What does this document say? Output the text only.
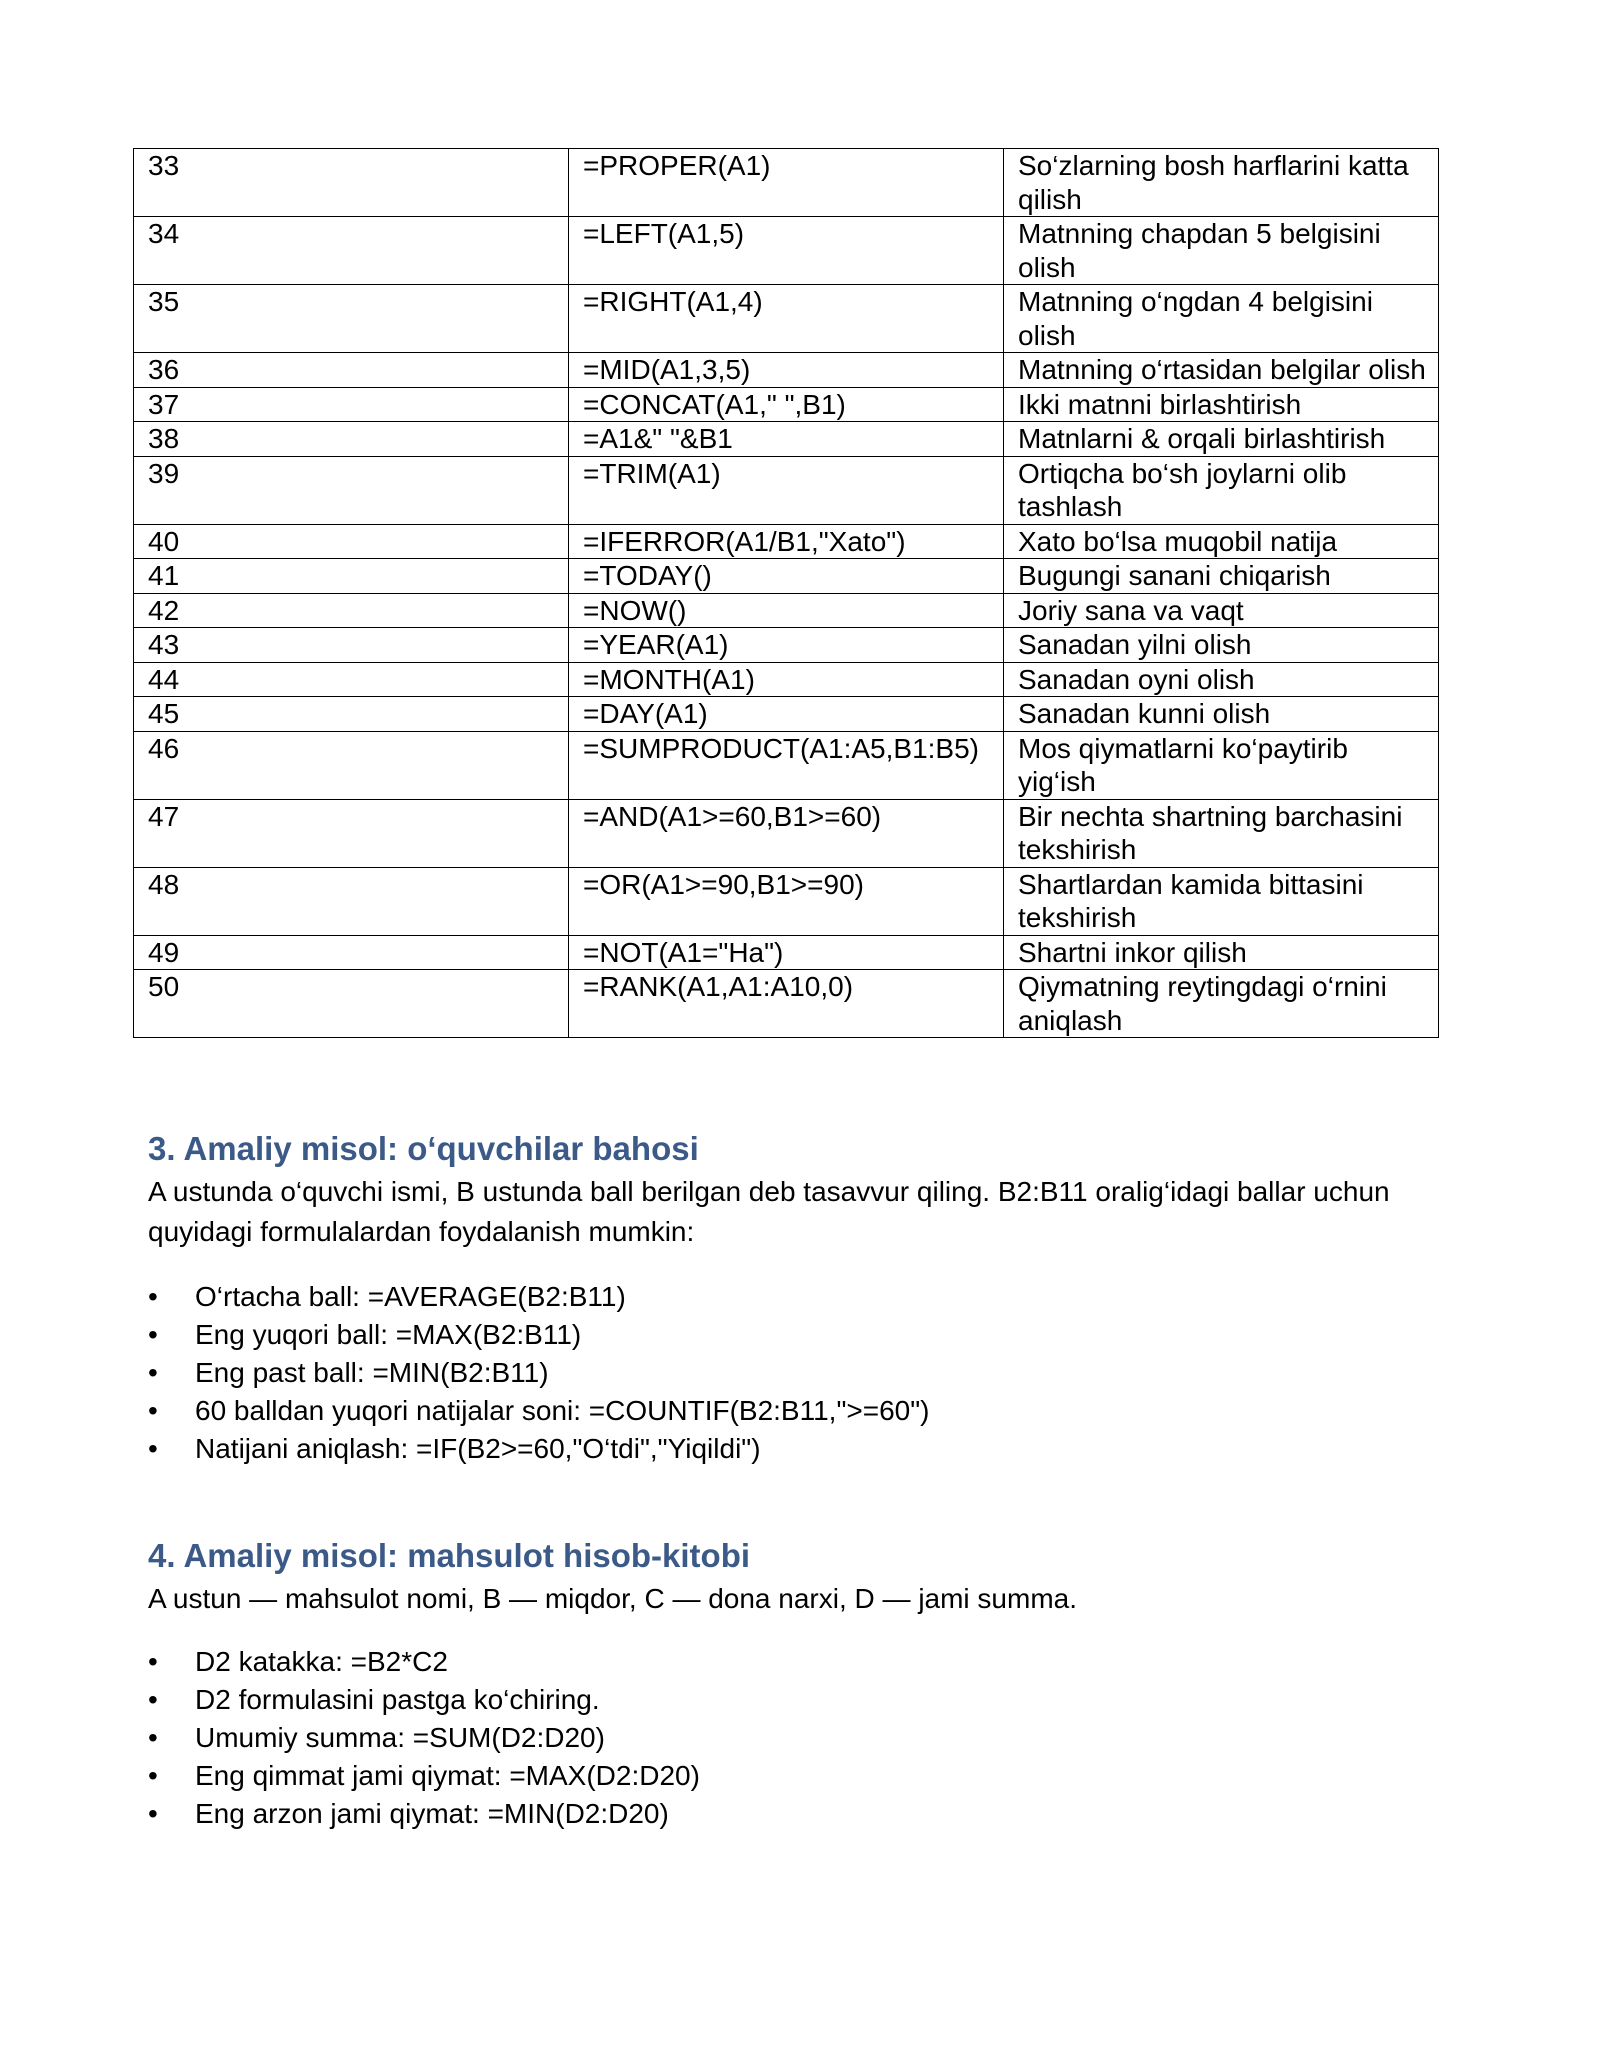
33	=PROPER(A1)	So‘zlarning bosh harflarini katta qilish
34	=LEFT(A1,5)	Matnning chapdan 5 belgisini olish
35	=RIGHT(A1,4)	Matnning o‘ngdan 4 belgisini olish
36	=MID(A1,3,5)	Matnning o‘rtasidan belgilar olish
37	=CONCAT(A1," ",B1)	Ikki matnni birlashtirish
38	=A1&" "&B1	Matnlarni & orqali birlashtirish
39	=TRIM(A1)	Ortiqcha bo‘sh joylarni olib tashlash
40	=IFERROR(A1/B1,"Xato")	Xato bo‘lsa muqobil natija
41	=TODAY()	Bugungi sanani chiqarish
42	=NOW()	Joriy sana va vaqt
43	=YEAR(A1)	Sanadan yilni olish
44	=MONTH(A1)	Sanadan oyni olish
45	=DAY(A1)	Sanadan kunni olish
46	=SUMPRODUCT(A1:A5,B1:B5)	Mos qiymatlarni ko‘paytirib yig‘ish
47	=AND(A1>=60,B1>=60)	Bir nechta shartning barchasini tekshirish
48	=OR(A1>=90,B1>=90)	Shartlardan kamida bittasini tekshirish
49	=NOT(A1="Ha")	Shartni inkor qilish
50	=RANK(A1,A1:A10,0)	Qiymatning reytingdagi o‘rnini aniqlash
3. Amaliy misol: o‘quvchilar bahosi

A ustunda o‘quvchi ismi, B ustunda ball berilgan deb tasavvur qiling. B2:B11 oralig‘idagi ballar uchun quyidagi formulalardan foydalanish mumkin:

• O‘rtacha ball: =AVERAGE(B2:B11)
• Eng yuqori ball: =MAX(B2:B11)
• Eng past ball: =MIN(B2:B11)
• 60 balldan yuqori natijalar soni: =COUNTIF(B2:B11,">=60")
• Natijani aniqlash: =IF(B2>=60,"O‘tdi","Yiqildi")
4. Amaliy misol: mahsulot hisob-kitobi

A ustun — mahsulot nomi, B — miqdor, C — dona narxi, D — jami summa.

• D2 katakka: =B2*C2
• D2 formulasini pastga ko‘chiring.
• Umumiy summa: =SUM(D2:D20)
• Eng qimmat jami qiymat: =MAX(D2:D20)
• Eng arzon jami qiymat: =MIN(D2:D20)
